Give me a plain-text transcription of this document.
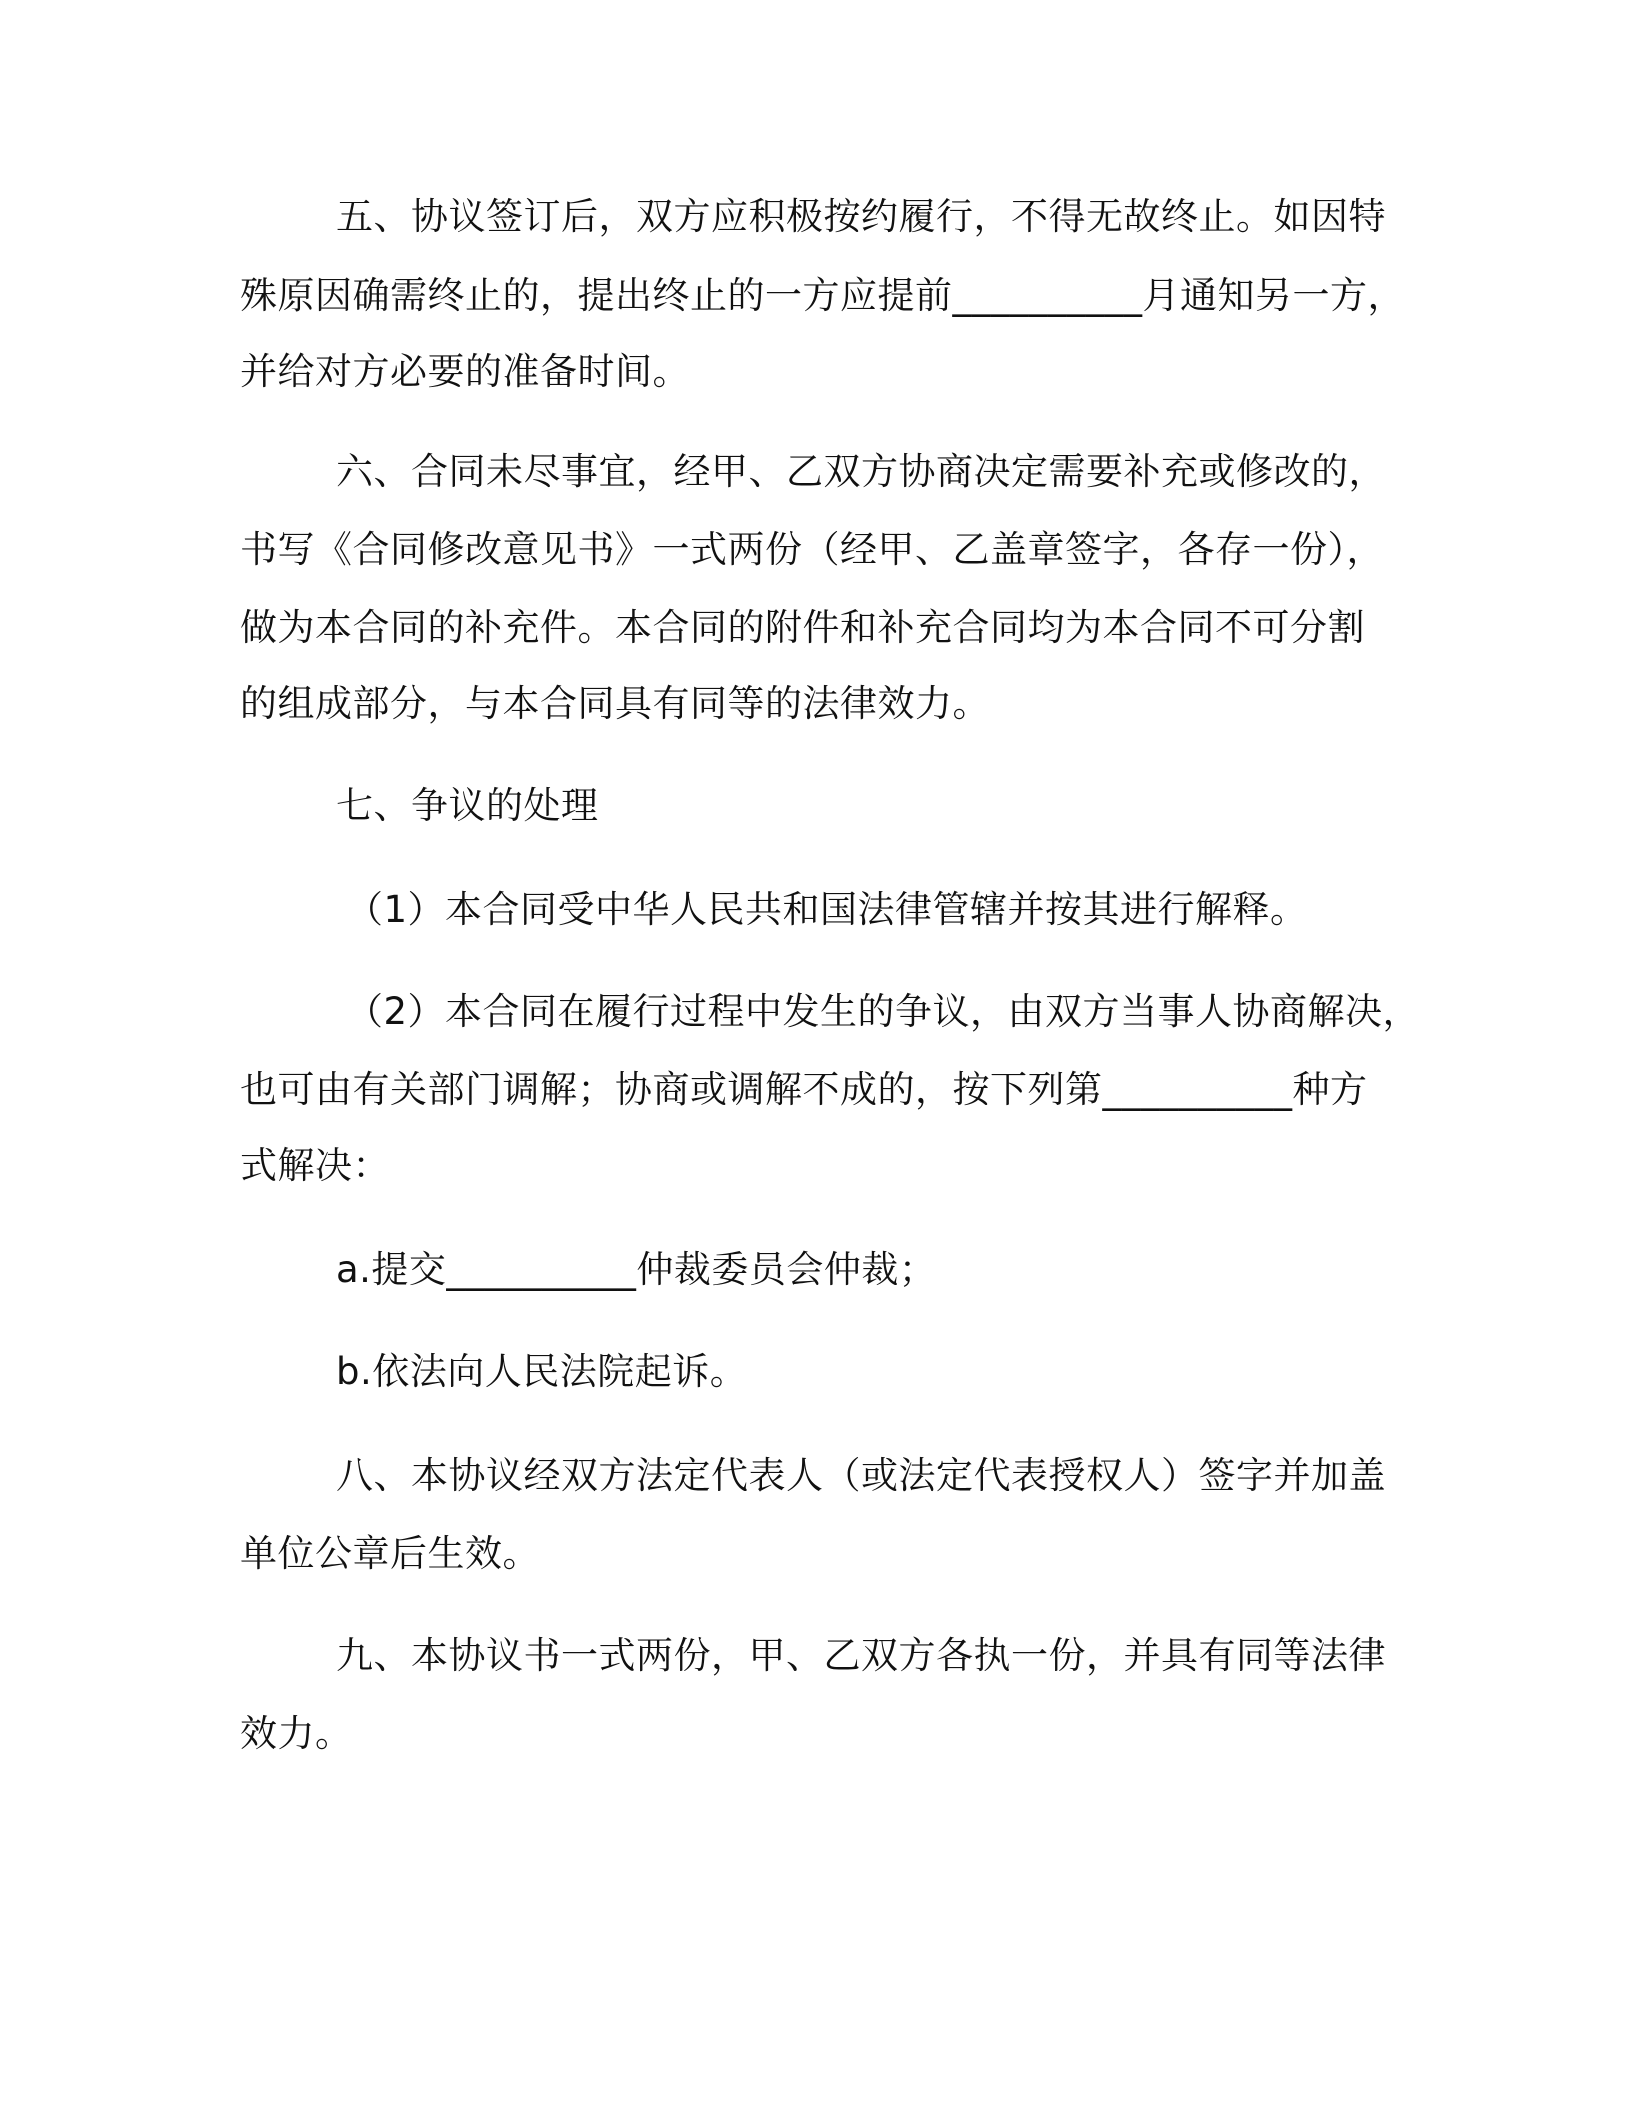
五、协议签订后，双方应积极按约履行，不得无故终止。如因特
殊原因确需终止的，提出终止的一方应提前__________月通知另一方，
并给对方必要的准备时间。
六、合同未尽事宜，经甲、乙双方协商决定需要补充或修改的，
书写《合同修改意见书》一式两份（经甲、乙盖章签字，各存一份），
做为本合同的补充件。本合同的附件和补充合同均为本合同不可分割
的组成部分，与本合同具有同等的法律效力。
七、争议的处理
（1）本合同受中华人民共和国法律管辖并按其进行解释。
（2）本合同在履行过程中发生的争议，由双方当事人协商解决，
也可由有关部门调解；协商或调解不成的，按下列第__________种方
式解决：
a.提交__________仲裁委员会仲裁；
b.依法向人民法院起诉。
八、本协议经双方法定代表人（或法定代表授权人）签字并加盖
单位公章后生效。
九、本协议书一式两份，甲、乙双方各执一份，并具有同等法律
效力。
